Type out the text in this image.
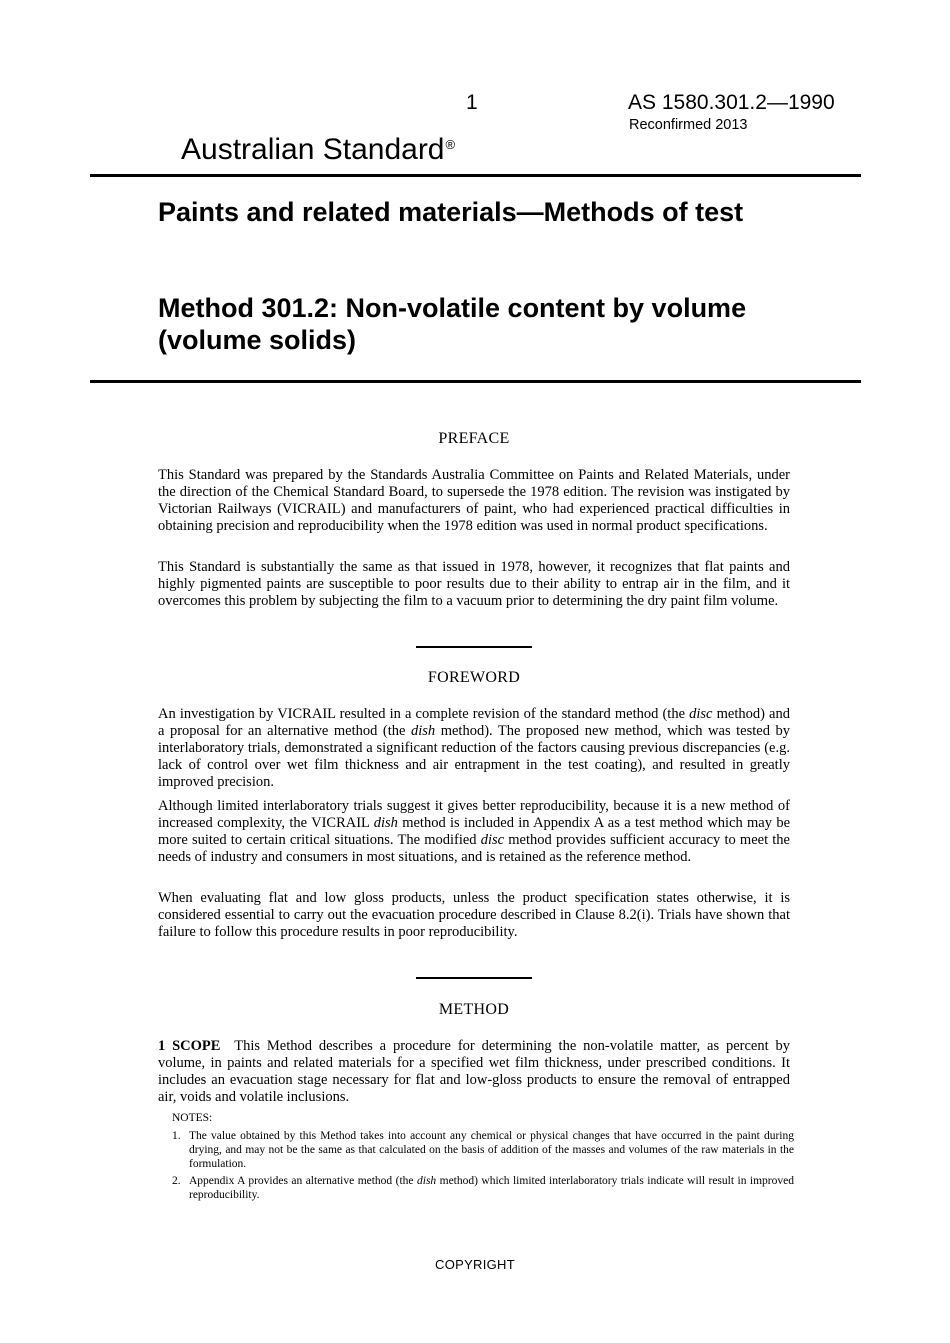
1	AS 1580.301.2—1990
Reconfirmed 2013
Australian Standard®
Paints and related materials—Methods of test
Method 301.2: Non-volatile content by volume (volume solids)
PREFACE
This Standard was prepared by the Standards Australia Committee on Paints and Related Materials, under the direction of the Chemical Standard Board, to supersede the 1978 edition. The revision was instigated by Victorian Railways (VICRAIL) and manufacturers of paint, who had experienced practical difficulties in obtaining precision and reproducibility when the 1978 edition was used in normal product specifications.
This Standard is substantially the same as that issued in 1978, however, it recognizes that flat paints and highly pigmented paints are susceptible to poor results due to their ability to entrap air in the film, and it overcomes this problem by subjecting the film to a vacuum prior to determining the dry paint film volume.
FOREWORD
An investigation by VICRAIL resulted in a complete revision of the standard method (the disc method) and a proposal for an alternative method (the dish method). The proposed new method, which was tested by interlaboratory trials, demonstrated a significant reduction of the factors causing previous discrepancies (e.g. lack of control over wet film thickness and air entrapment in the test coating), and resulted in greatly improved precision.
Although limited interlaboratory trials suggest it gives better reproducibility, because it is a new method of increased complexity, the VICRAIL dish method is included in Appendix A as a test method which may be more suited to certain critical situations. The modified disc method provides sufficient accuracy to meet the needs of industry and consumers in most situations, and is retained as the reference method.
When evaluating flat and low gloss products, unless the product specification states otherwise, it is considered essential to carry out the evacuation procedure described in Clause 8.2(i). Trials have shown that failure to follow this procedure results in poor reproducibility.
METHOD
1 SCOPE This Method describes a procedure for determining the non-volatile matter, as percent by volume, in paints and related materials for a specified wet film thickness, under prescribed conditions. It includes an evacuation stage necessary for flat and low-gloss products to ensure the removal of entrapped air, voids and volatile inclusions.
NOTES:
1. The value obtained by this Method takes into account any chemical or physical changes that have occurred in the paint during drying, and may not be the same as that calculated on the basis of addition of the masses and volumes of the raw materials in the formulation.
2. Appendix A provides an alternative method (the dish method) which limited interlaboratory trials indicate will result in improved reproducibility.
COPYRIGHT
